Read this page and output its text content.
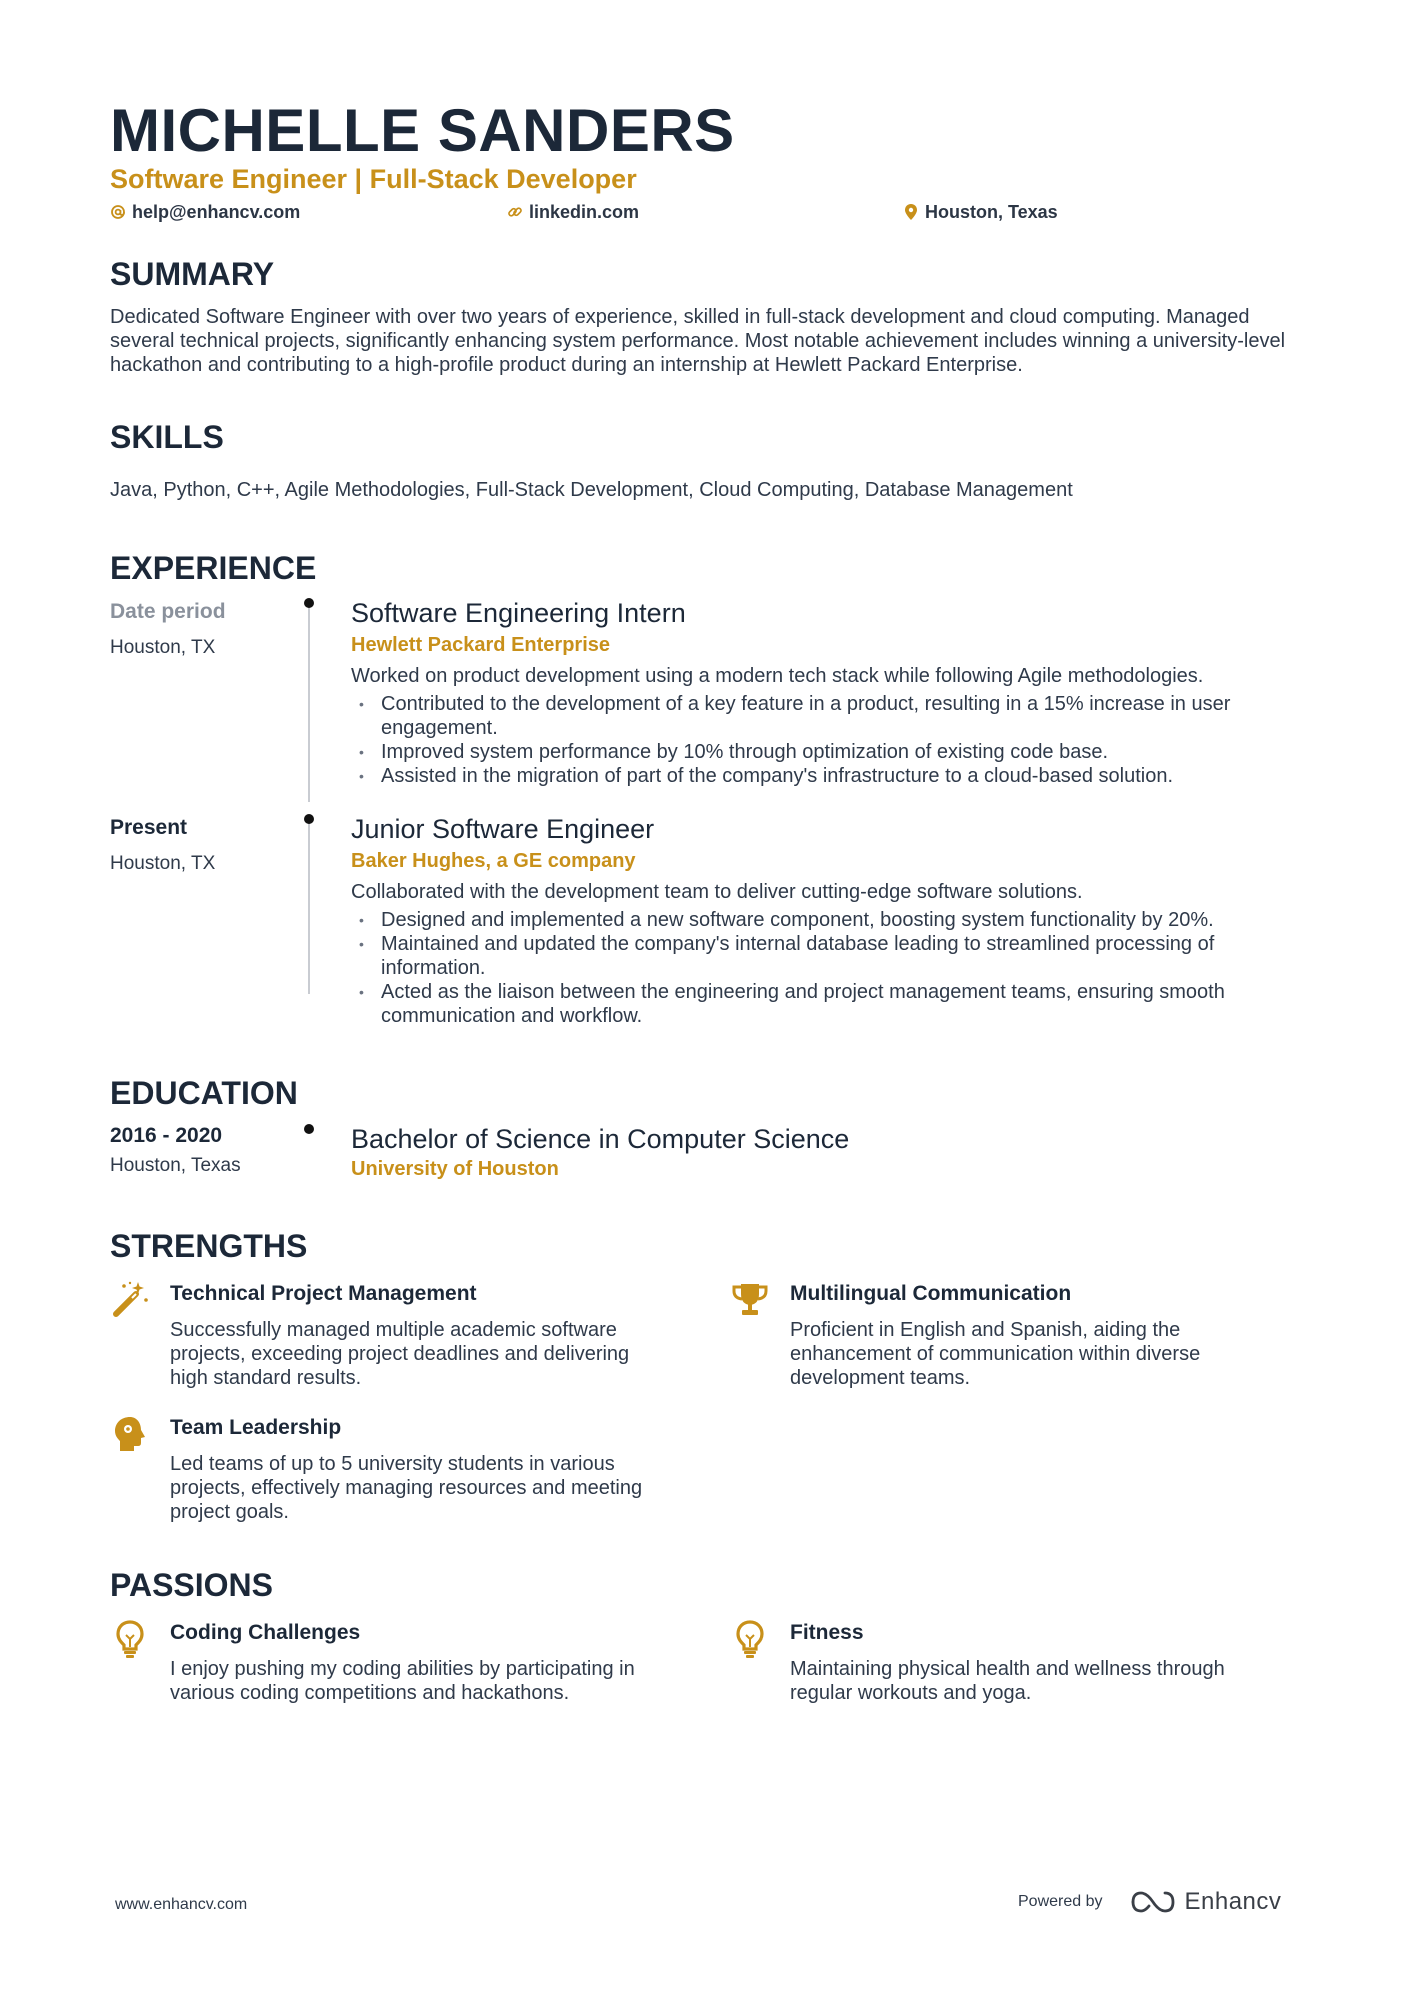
MICHELLE SANDERS
Software Engineer | Full-Stack Developer
help@enhancv.com	linkedin.com	Houston, Texas
SUMMARY
Dedicated Software Engineer with over two years of experience, skilled in full-stack development and cloud computing. Managed several technical projects, significantly enhancing system performance. Most notable achievement includes winning a university-level hackathon and contributing to a high-profile product during an internship at Hewlett Packard Enterprise.
SKILLS
Java, Python, C++, Agile Methodologies, Full-Stack Development, Cloud Computing, Database Management
EXPERIENCE
Date period
Houston, TX
Software Engineering Intern
Hewlett Packard Enterprise
Worked on product development using a modern tech stack while following Agile methodologies.
• Contributed to the development of a key feature in a product, resulting in a 15% increase in user engagement.
• Improved system performance by 10% through optimization of existing code base.
• Assisted in the migration of part of the company's infrastructure to a cloud-based solution.
Present
Houston, TX
Junior Software Engineer
Baker Hughes, a GE company
Collaborated with the development team to deliver cutting-edge software solutions.
• Designed and implemented a new software component, boosting system functionality by 20%.
• Maintained and updated the company's internal database leading to streamlined processing of information.
• Acted as the liaison between the engineering and project management teams, ensuring smooth communication and workflow.
EDUCATION
2016 - 2020
Houston, Texas
Bachelor of Science in Computer Science
University of Houston
STRENGTHS
Technical Project Management
Successfully managed multiple academic software projects, exceeding project deadlines and delivering high standard results.
Multilingual Communication
Proficient in English and Spanish, aiding the enhancement of communication within diverse development teams.
Team Leadership
Led teams of up to 5 university students in various projects, effectively managing resources and meeting project goals.
PASSIONS
Coding Challenges
I enjoy pushing my coding abilities by participating in various coding competitions and hackathons.
Fitness
Maintaining physical health and wellness through regular workouts and yoga.
www.enhancv.com	Powered by	Enhancv
